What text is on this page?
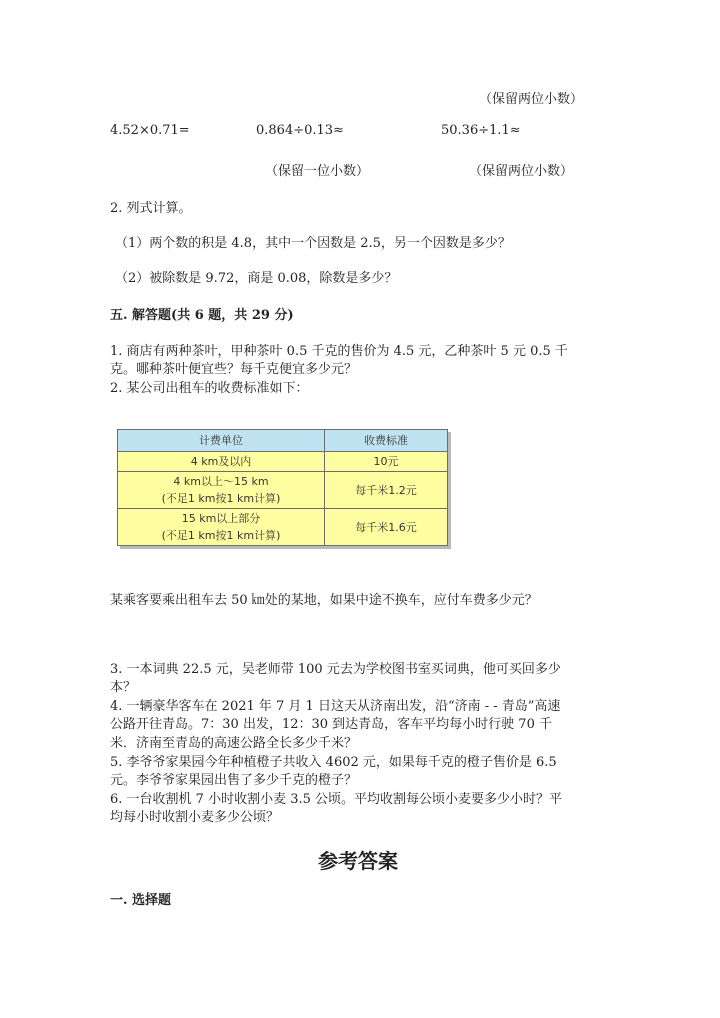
（保留两位小数）
4.52×0.71=	0.864÷0.13≈	50.36÷1.1≈
（保留一位小数）	（保留两位小数）
2. 列式计算。
（1）两个数的积是 4.8，其中一个因数是 2.5，另一个因数是多少？
（2）被除数是 9.72，商是 0.08，除数是多少？
五. 解答题(共 6 题，共 29 分)
1. 商店有两种茶叶，甲种茶叶 0.5 千克的售价为 4.5 元，乙种茶叶 5 元 0.5 千
克。哪种茶叶便宜些？每千克便宜多少元？
2. 某公司出租车的收费标准如下：
计费单位	收费标准
4 km及以内	10元
4 km以上～15 km
(不足1 km按1 km计算)	每千米1.2元
15 km以上部分
(不足1 km按1 km计算)	每千米1.6元
某乘客要乘出租车去 50 ㎞处的某地，如果中途不换车，应付车费多少元？
3. 一本词典 22.5 元，吴老师带 100 元去为学校图书室买词典，他可买回多少
本？
4. 一辆豪华客车在 2021 年 7 月 1 日这天从济南出发，沿“济南 - - 青岛”高速
公路开往青岛。7：30 出发，12：30 到达青岛，客车平均每小时行驶 70 千
米．济南至青岛的高速公路全长多少千米？
5. 李爷爷家果园今年种植橙子共收入 4602 元，如果每千克的橙子售价是 6.5
元。李爷爷家果园出售了多少千克的橙子？
6. 一台收割机 7 小时收割小麦 3.5 公顷。平均收割每公顷小麦要多少小时？平
均每小时收割小麦多少公顷？
参考答案
一. 选择题
